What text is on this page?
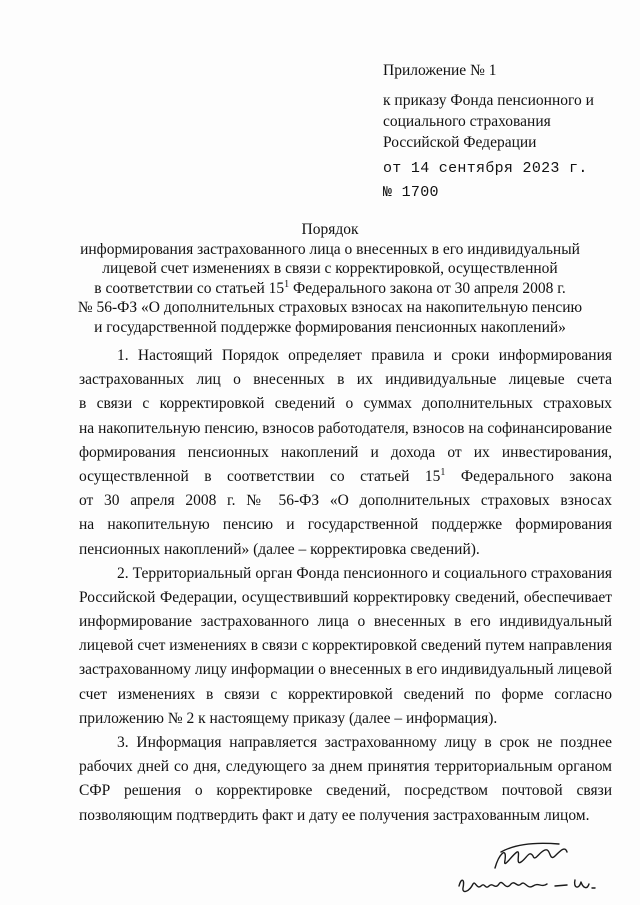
Приложение № 1
к приказу Фонда пенсионного и
социального страхования
Российской Федерации
от 14 сентября 2023 г.
№ 1700
Порядок
информирования застрахованного лица о внесенных в его индивидуальный
лицевой счет изменениях в связи с корректировкой, осуществленной
в соответствии со статьей $15^1$ Федерального закона от 30 апреля 2008 г.
№ 56-ФЗ «О дополнительных страховых взносах на накопительную пенсию
и государственной поддержке формирования пенсионных накоплений»
1. Настоящий Порядок определяет правила и сроки информирования
застрахованных лиц о внесенных в их индивидуальные лицевые счета
в связи с корректировкой сведений о суммах дополнительных страховых
на накопительную пенсию, взносов работодателя, взносов на софинансирование
формирования пенсионных накоплений и дохода от их инвестирования,
осуществленной в соответствии со статьей $15^1$ Федерального закона
от 30 апреля 2008 г. № 56-ФЗ «О дополнительных страховых взносах
на накопительную пенсию и государственной поддержке формирования
пенсионных накоплений» (далее – корректировка сведений).
2. Территориальный орган Фонда пенсионного и социального страхования
Российской Федерации, осуществивший корректировку сведений, обеспечивает
информирование застрахованного лица о внесенных в его индивидуальный
лицевой счет изменениях в связи с корректировкой сведений путем направления
застрахованному лицу информации о внесенных в его индивидуальный лицевой
счет изменениях в связи с корректировкой сведений по форме согласно
приложению № 2 к настоящему приказу (далее – информация).
3. Информация направляется застрахованному лицу в срок не позднее
рабочих дней со дня, следующего за днем принятия территориальным органом
СФР решения о корректировке сведений, посредством почтовой связи
позволяющим подтвердить факт и дату ее получения застрахованным лицом.
